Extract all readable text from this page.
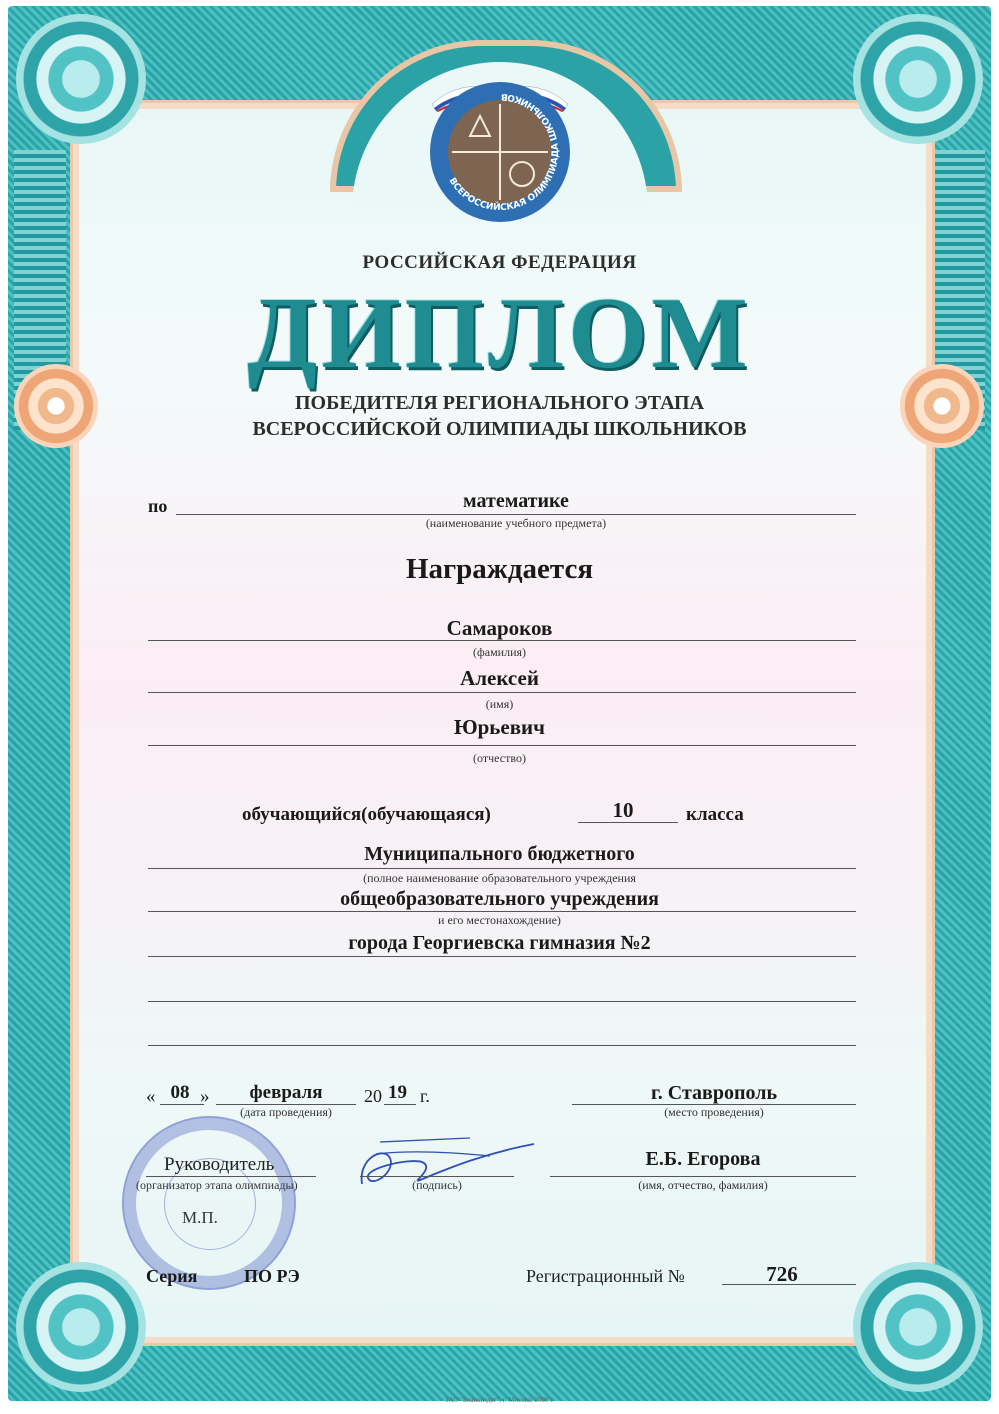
ВСЕРОССИЙСКАЯ ОЛИМПИАДА ШКОЛЬНИКОВ
РОССИЙСКАЯ ФЕДЕРАЦИЯ
ДИПЛОМ
ПОБЕДИТЕЛЯ РЕГИОНАЛЬНОГО ЭТАПА
ВСЕРОССИЙСКОЙ ОЛИМПИАДЫ ШКОЛЬНИКОВ
по	математике
(наименование учебного предмета)
Награждается
Самароков
(фамилия)
Алексей
(имя)
Юрьевич
(отчество)
обучающийся(обучающаяся)	10	класса
Муниципального бюджетного
(полное наименование образовательного учреждения
общеобразовательного учреждения
и его местонахождение)
города Георгиевска гимназия №2
« 08 »	февраля	20 19 г.
(дата проведения)
г. Ставрополь
(место проведения)
М.П.
Руководитель
(организатор этапа олимпиады)	(подпись)
Е.Б. Егорова
(имя, отчество, фамилия)
Серия	ПО РЭ	Регистрационный №	726
ЗАО "Бланкиздат", г. Москва, 2008 г.
